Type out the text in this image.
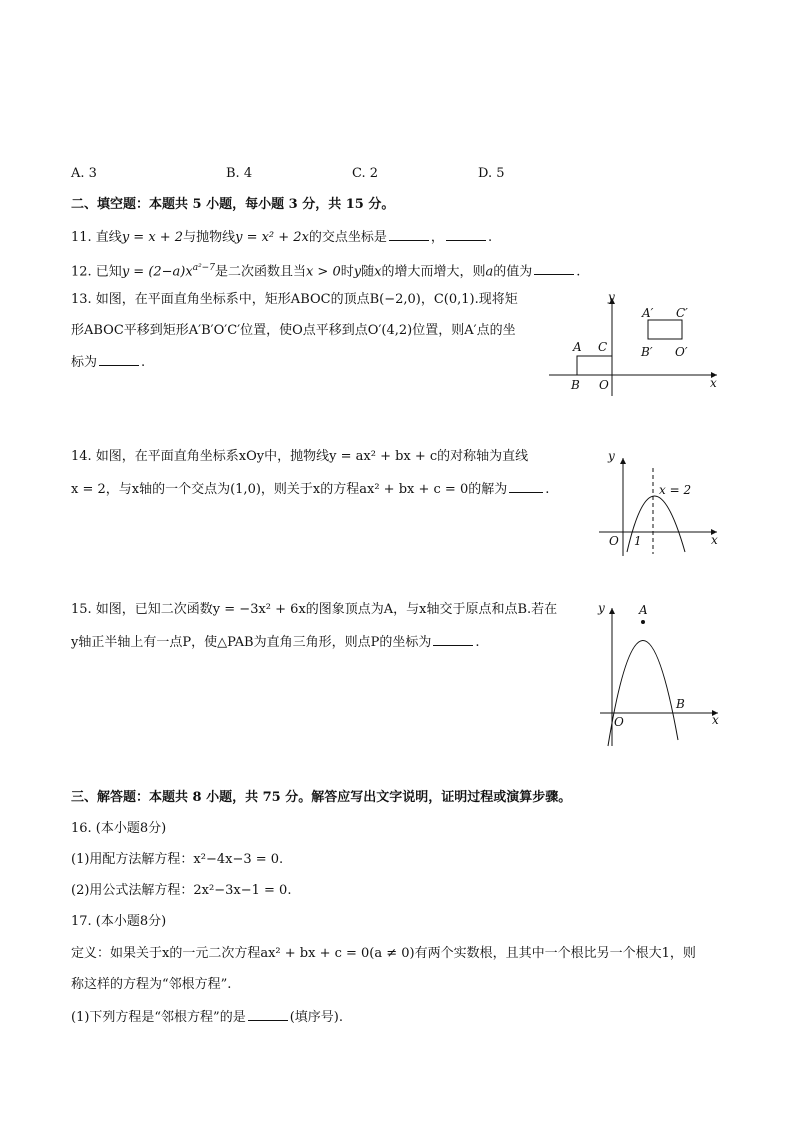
A. 3	B. 4	C. 2	D. 5
二、填空题：本题共 5 小题，每小题 3 分，共 15 分。
11. 直线y = x + 2与抛物线y = x² + 2x的交点坐标是	，	.
12. 已知$y = (2-a)x^{a^2-7}$是二次函数且当x > 0时y随x的增大而增大，则a的值为	.
13. 如图，在平面直角坐标系中，矩形ABOC的顶点B(−2,0)，C(0,1).现将矩
形ABOC平移到矩形A′B′O′C′位置，使O点平移到点O′(4,2)位置，则A′点的坐
标为	.
y
x
A C
B O
A′ C′
B′ O′
14. 如图，在平面直角坐标系xOy中，抛物线y = ax² + bx + c的对称轴为直线
x = 2，与x轴的一个交点为(1,0)，则关于x的方程ax² + bx + c = 0的解为	.
y
x
O 1
x = 2
15. 如图，已知二次函数y = −3x² + 6x的图象顶点为A，与x轴交于原点和点B.若在
y轴正半轴上有一点P，使△PAB为直角三角形，则点P的坐标为	.
y
x
O
A
B
三、解答题：本题共 8 小题，共 75 分。解答应写出文字说明，证明过程或演算步骤。
16. (本小题8分)
(1)用配方法解方程：x²−4x−3 = 0.
(2)用公式法解方程：2x²−3x−1 = 0.
17. (本小题8分)
定义：如果关于x的一元二次方程ax² + bx + c = 0(a ≠ 0)有两个实数根，且其中一个根比另一个根大1，则
称这样的方程为“邻根方程”.
(1)下列方程是“邻根方程”的是	(填序号).
